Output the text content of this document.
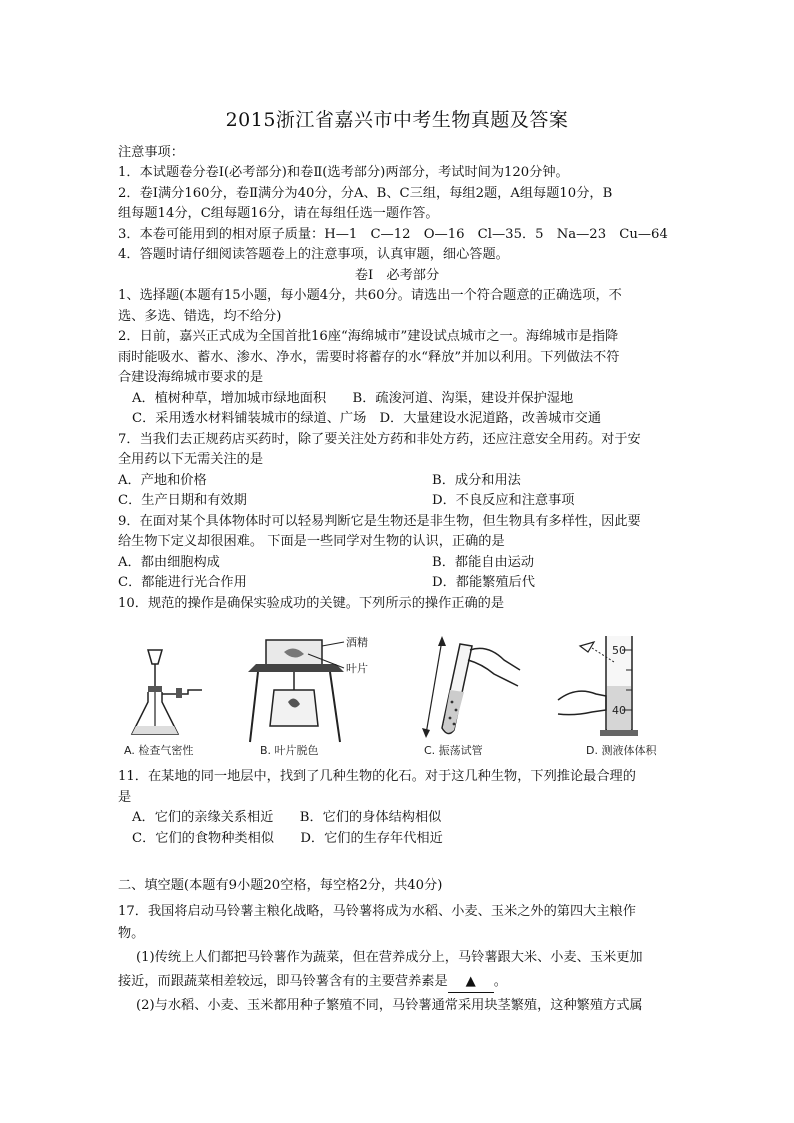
2015浙江省嘉兴市中考生物真题及答案
注意事项：
1．本试题卷分卷Ⅰ(必考部分)和卷Ⅱ(选考部分)两部分，考试时间为120分钟。
2．卷Ⅰ满分160分，卷Ⅱ满分为40分，分A、B、C三组，每组2题，A组每题10分，B
组每题14分，C组每题16分，请在每组任选一题作答。
3．本卷可能用到的相对原子质量：H—1　C—12　O—16　Cl—35．5　Na—23　Cu—64
4．答题时请仔细阅读答题卷上的注意事项，认真审题，细心答题。
卷Ⅰ　必考部分
1、选择题(本题有15小题，每小题4分，共60分。请选出一个符合题意的正确选项，不
选、多选、错选，均不给分)
2．日前，嘉兴正式成为全国首批16座“海绵城市”建设试点城市之一。海绵城市是指降
雨时能吸水、蓄水、渗水、净水，需要时将蓄存的水“释放”并加以利用。下列做法不符
合建设海绵城市要求的是
A．植树种草，增加城市绿地面积　　B．疏浚河道、沟渠，建设并保护湿地
C．采用透水材料铺装城市的绿道、广场　D．大量建设水泥道路，改善城市交通
7．当我们去正规药店买药时，除了要关注处方药和非处方药，还应注意安全用药。对于安
全用药以下无需关注的是
A．产地和价格	B．成分和用法
C．生产日期和有效期	D．不良反应和注意事项
9．在面对某个具体物体时可以轻易判断它是生物还是非生物，但生物具有多样性，因此要
给生物下定义却很困难。 下面是一些同学对生物的认识，正确的是
A．都由细胞构成	B．都能自由运动
C．都能进行光合作用	D．都能繁殖后代
10．规范的操作是确保实验成功的关键。下列所示的操作正确的是
A. 检查气密性
酒精
叶片
B. 叶片脱色	C. 振荡试管
50
40
D. 测液体体积
11．在某地的同一地层中，找到了几种生物的化石。对于这几种生物，下列推论最合理的
是
A．它们的亲缘关系相近　　B．它们的身体结构相似
C．它们的食物种类相似　　D．它们的生存年代相近
二、填空题(本题有9小题20空格，每空格2分，共40分)
17．我国将启动马铃薯主粮化战略，马铃薯将成为水稻、小麦、玉米之外的第四大主粮作
物。
(1)传统上人们都把马铃薯作为蔬菜，但在营养成分上，马铃薯跟大米、小麦、玉米更加
接近，而跟蔬菜相差较远，即马铃薯含有的主要营养素是 ▲ 。
(2)与水稻、小麦、玉米都用种子繁殖不同，马铃薯通常采用块茎繁殖，这种繁殖方式属
